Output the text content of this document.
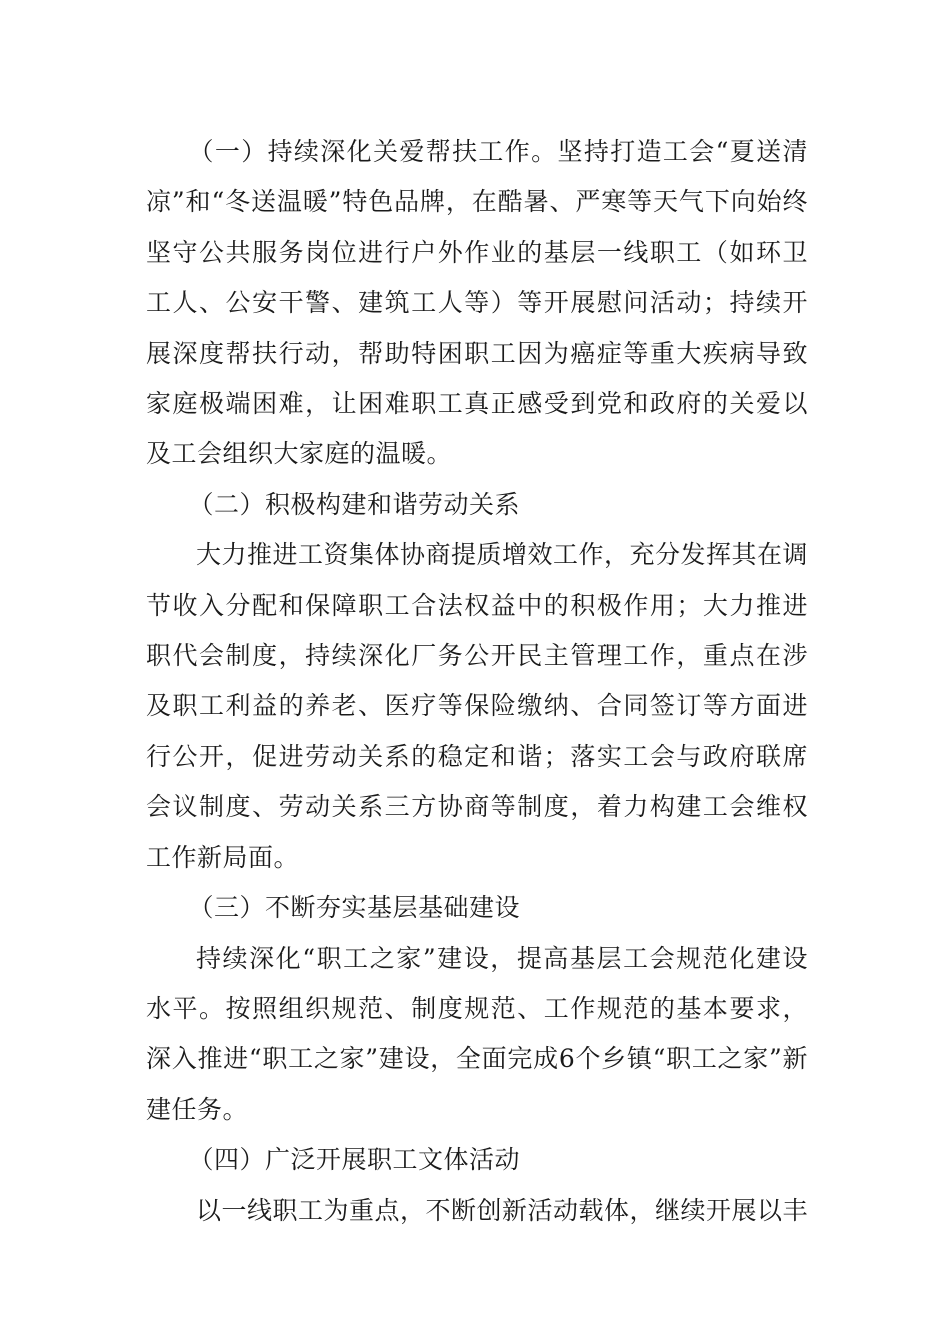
（一）持续深化关爱帮扶工作。坚持打造工会“夏送清凉”和“冬送温暖”特色品牌，在酷暑、严寒等天气下向始终坚守公共服务岗位进行户外作业的基层一线职工（如环卫工人、公安干警、建筑工人等）等开展慰问活动；持续开展深度帮扶行动，帮助特困职工因为癌症等重大疾病导致家庭极端困难，让困难职工真正感受到党和政府的关爱以及工会组织大家庭的温暖。

（二）积极构建和谐劳动关系

大力推进工资集体协商提质增效工作，充分发挥其在调节收入分配和保障职工合法权益中的积极作用；大力推进职代会制度，持续深化厂务公开民主管理工作，重点在涉及职工利益的养老、医疗等保险缴纳、合同签订等方面进行公开，促进劳动关系的稳定和谐；落实工会与政府联席会议制度、劳动关系三方协商等制度，着力构建工会维权工作新局面。

（三）不断夯实基层基础建设

持续深化“职工之家”建设，提高基层工会规范化建设水平。按照组织规范、制度规范、工作规范的基本要求，深入推进“职工之家”建设，全面完成6个乡镇“职工之家”新建任务。

（四）广泛开展职工文体活动

以一线职工为重点，不断创新活动载体，继续开展以丰
